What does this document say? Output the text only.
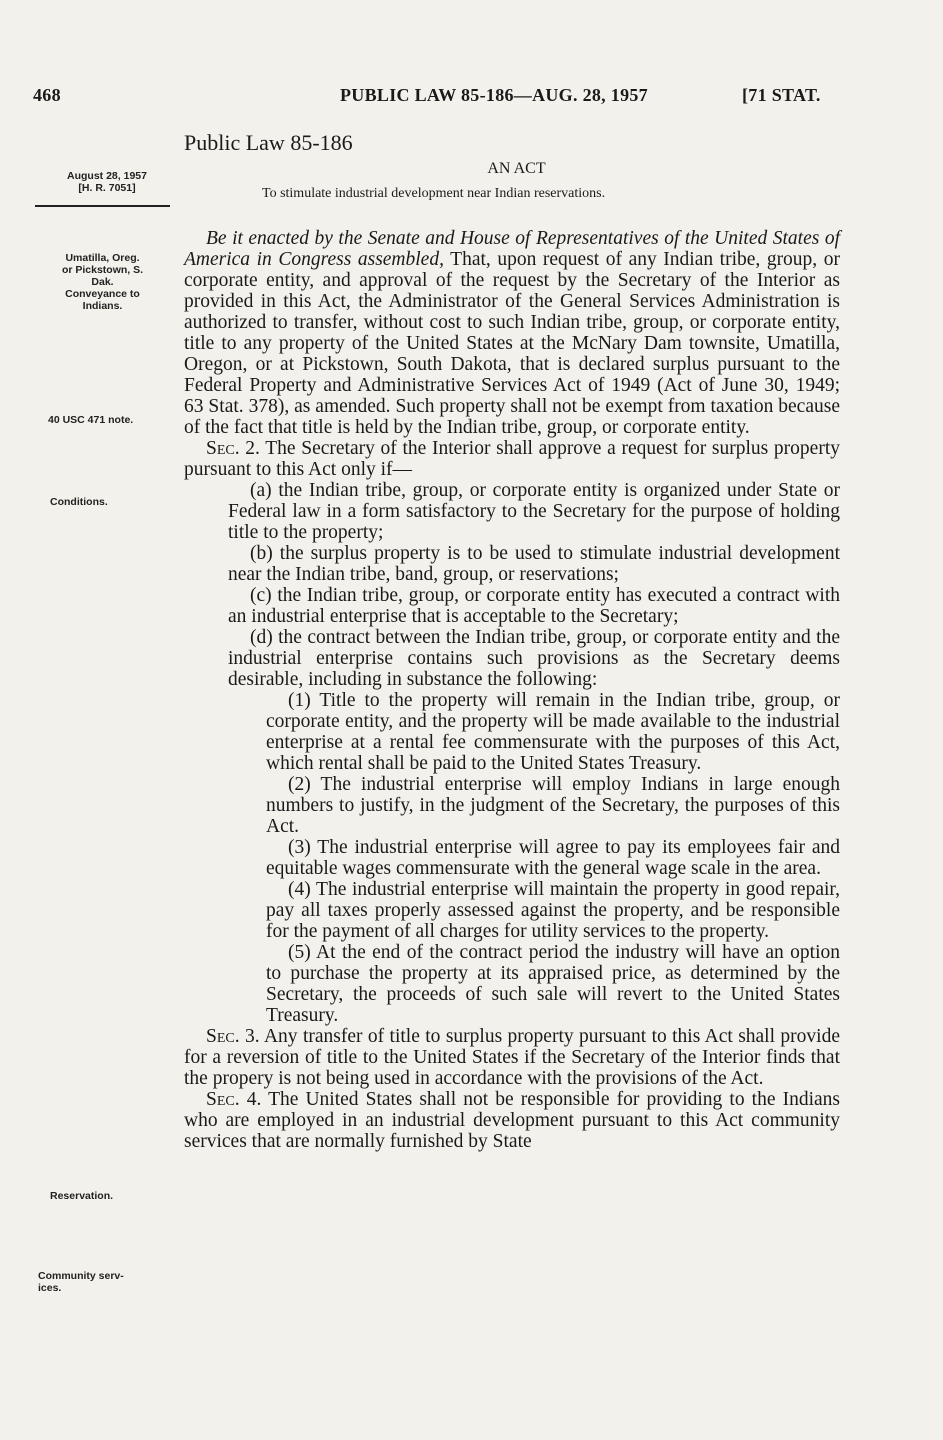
468	PUBLIC LAW 85-186—AUG. 28, 1957	[71 STAT.
Public Law 85-186
AN ACT
To stimulate industrial development near Indian reservations.
August 28, 1957
[H. R. 7051]
Umatilla, Oreg.
or Pickstown, S.
Dak.
Conveyance to
Indians.
40 USC 471 note.
Conditions.
Reservation.
Community serv-
ices.

Be it enacted by the Senate and House of Representatives of the United States of America in Congress assembled, That, upon request of any Indian tribe, group, or corporate entity, and approval of the request by the Secretary of the Interior as provided in this Act, the Administrator of the General Services Administration is authorized to transfer, without cost to such Indian tribe, group, or corporate entity, title to any property of the United States at the McNary Dam townsite, Umatilla, Oregon, or at Pickstown, South Dakota, that is declared surplus pursuant to the Federal Property and Administrative Services Act of 1949 (Act of June 30, 1949; 63 Stat. 378), as amended. Such property shall not be exempt from taxation because of the fact that title is held by the Indian tribe, group, or corporate entity.

Sec. 2. The Secretary of the Interior shall approve a request for surplus property pursuant to this Act only if—

(a) the Indian tribe, group, or corporate entity is organized under State or Federal law in a form satisfactory to the Secretary for the purpose of holding title to the property;

(b) the surplus property is to be used to stimulate industrial development near the Indian tribe, band, group, or reservations;

(c) the Indian tribe, group, or corporate entity has executed a contract with an industrial enterprise that is acceptable to the Secretary;

(d) the contract between the Indian tribe, group, or corporate entity and the industrial enterprise contains such provisions as the Secretary deems desirable, including in substance the following:

(1) Title to the property will remain in the Indian tribe, group, or corporate entity, and the property will be made available to the industrial enterprise at a rental fee commensurate with the purposes of this Act, which rental shall be paid to the United States Treasury.

(2) The industrial enterprise will employ Indians in large enough numbers to justify, in the judgment of the Secretary, the purposes of this Act.

(3) The industrial enterprise will agree to pay its employees fair and equitable wages commensurate with the general wage scale in the area.

(4) The industrial enterprise will maintain the property in good repair, pay all taxes properly assessed against the property, and be responsible for the payment of all charges for utility services to the property.

(5) At the end of the contract period the industry will have an option to purchase the property at its appraised price, as determined by the Secretary, the proceeds of such sale will revert to the United States Treasury.

Sec. 3. Any transfer of title to surplus property pursuant to this Act shall provide for a reversion of title to the United States if the Secretary of the Interior finds that the propery is not being used in accordance with the provisions of the Act.

Sec. 4. The United States shall not be responsible for providing to the Indians who are employed in an industrial development pursuant to this Act community services that are normally furnished by State
